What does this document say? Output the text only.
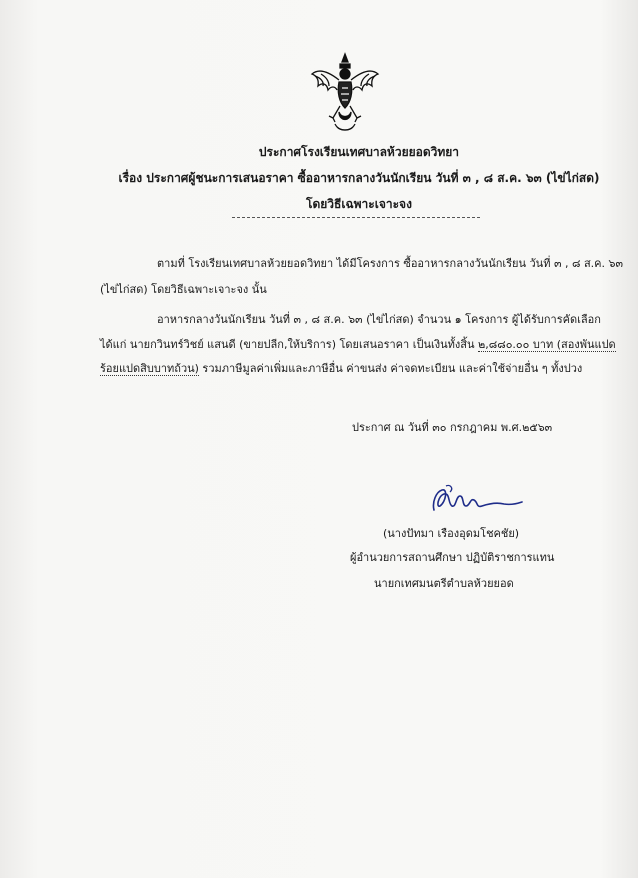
ประกาศโรงเรียนเทศบาลห้วยยอดวิทยา
เรื่อง ประกาศผู้ชนะการเสนอราคา ซื้ออาหารกลางวันนักเรียน วันที่ ๓ , ๘ ส.ค. ๖๓ (ไข่ไก่สด)
โดยวิธีเฉพาะเจาะจง
ตามที่ โรงเรียนเทศบาลห้วยยอดวิทยา ได้มีโครงการ ซื้ออาหารกลางวันนักเรียน วันที่ ๓ , ๘ ส.ค. ๖๓
(ไข่ไก่สด) โดยวิธีเฉพาะเจาะจง นั้น
อาหารกลางวันนักเรียน วันที่ ๓ , ๘ ส.ค. ๖๓ (ไข่ไก่สด) จำนวน ๑ โครงการ ผู้ได้รับการคัดเลือก
ได้แก่ นายกวินทร์วิชย์ แสนดี (ขายปลีก,ให้บริการ) โดยเสนอราคา เป็นเงินทั้งสิ้น ๒,๘๘๐.๐๐ บาท (สองพันแปด
ร้อยแปดสิบบาทถ้วน) รวมภาษีมูลค่าเพิ่มและภาษีอื่น ค่าขนส่ง ค่าจดทะเบียน และค่าใช้จ่ายอื่น ๆ ทั้งปวง
ประกาศ ณ วันที่ ๓๐ กรกฎาคม พ.ศ.๒๕๖๓
(นางปัทมา เรืองอุดมโชคชัย)
ผู้อำนวยการสถานศึกษา ปฏิบัติราชการแทน
นายกเทศมนตรีตำบลห้วยยอด
